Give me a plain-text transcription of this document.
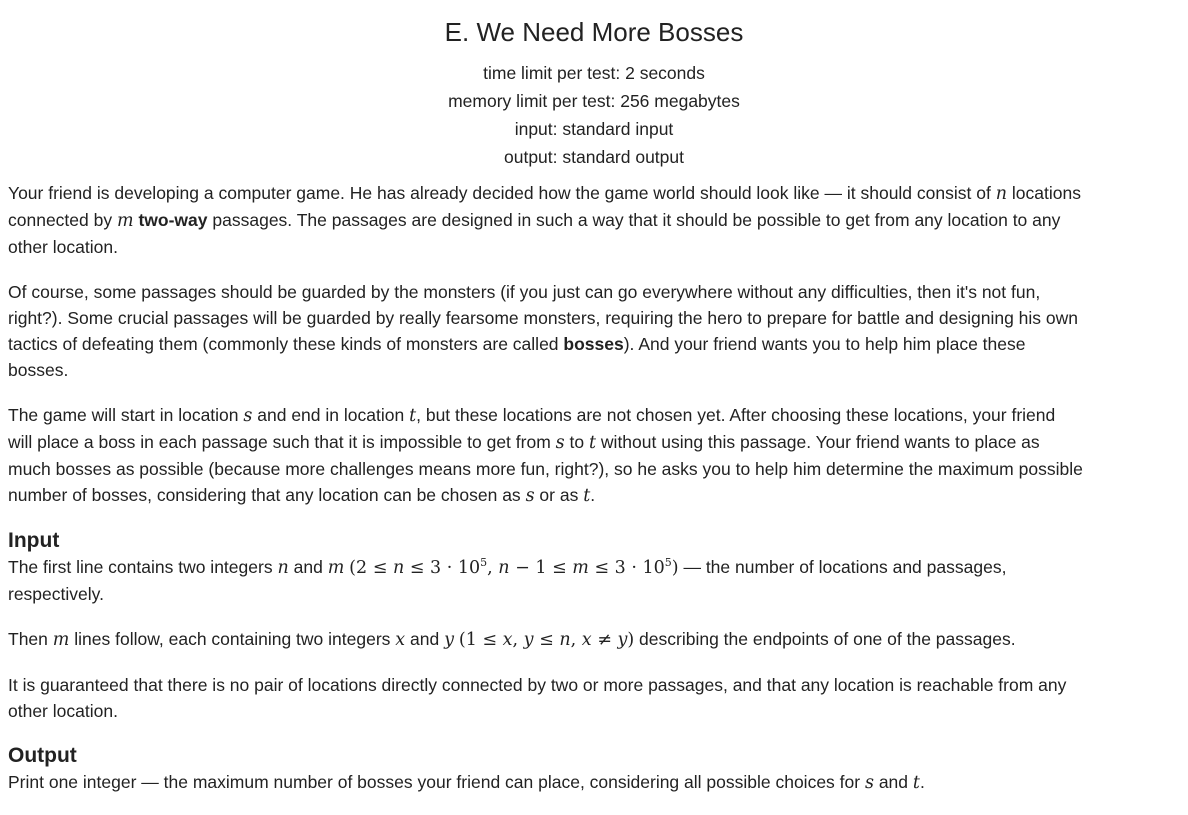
E. We Need More Bosses
time limit per test: 2 seconds
memory limit per test: 256 megabytes
input: standard input
output: standard output
Your friend is developing a computer game. He has already decided how the game world should look like — it should consist of n locations
connected by m two-way passages. The passages are designed in such a way that it should be possible to get from any location to any
other location.
Of course, some passages should be guarded by the monsters (if you just can go everywhere without any difficulties, then it's not fun,
right?). Some crucial passages will be guarded by really fearsome monsters, requiring the hero to prepare for battle and designing his own
tactics of defeating them (commonly these kinds of monsters are called bosses). And your friend wants you to help him place these
bosses.
The game will start in location s and end in location t, but these locations are not chosen yet. After choosing these locations, your friend
will place a boss in each passage such that it is impossible to get from s to t without using this passage. Your friend wants to place as
much bosses as possible (because more challenges means more fun, right?), so he asks you to help him determine the maximum possible
number of bosses, considering that any location can be chosen as s or as t.
Input
The first line contains two integers n and m ($2 \le n \le 3 \cdot 10^5$, $n - 1 \le m \le 3 \cdot 10^5$) — the number of locations and passages,
respectively.
Then m lines follow, each containing two integers x and y (1 ≤ x, y ≤ n, x ≠ y) describing the endpoints of one of the passages.
It is guaranteed that there is no pair of locations directly connected by two or more passages, and that any location is reachable from any
other location.
Output
Print one integer — the maximum number of bosses your friend can place, considering all possible choices for s and t.
